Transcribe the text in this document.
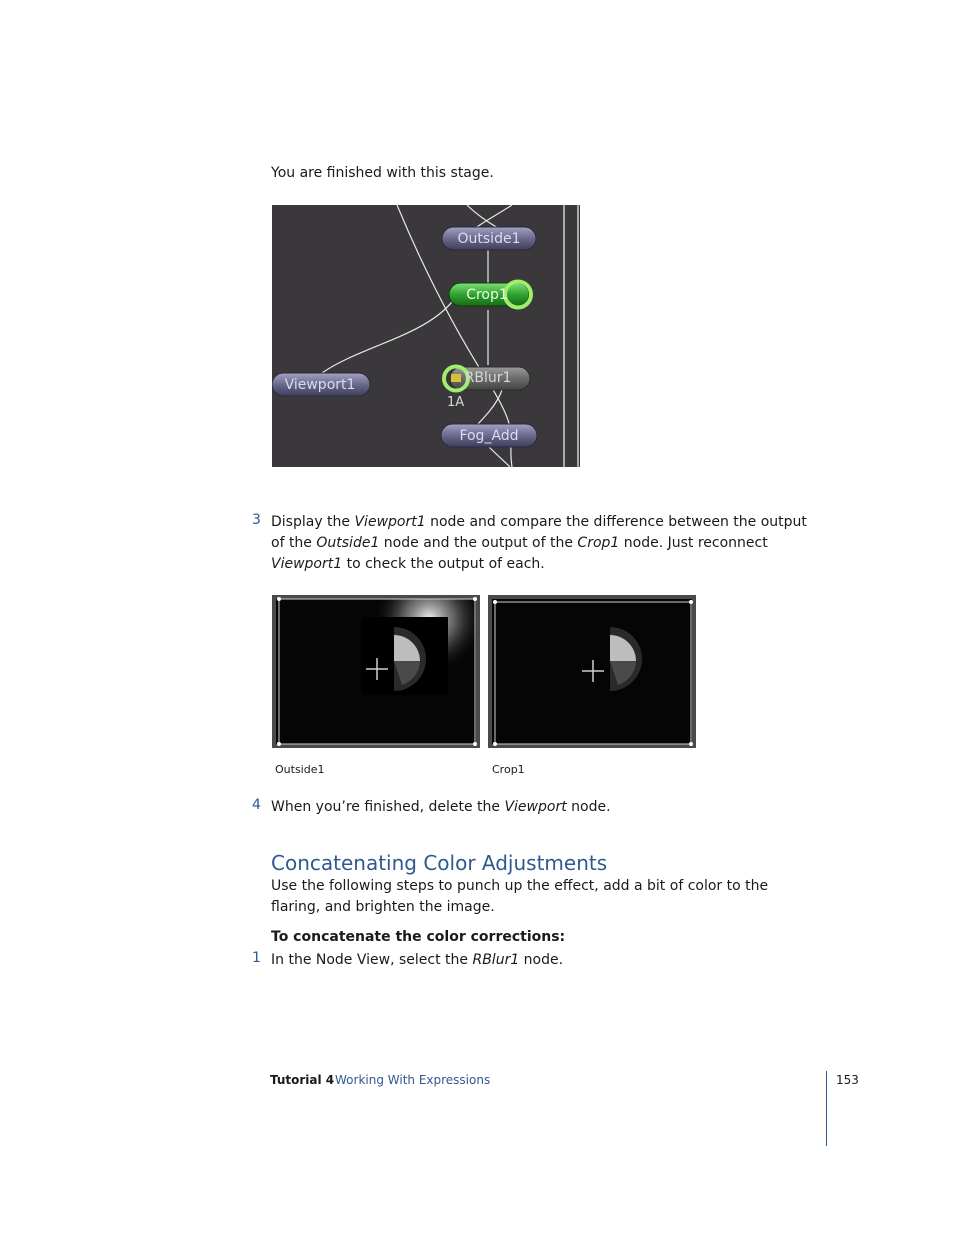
You are finished with this stage.
Outside1
Crop1
RBlur1
1A
Viewport1
Fog_Add
3 Display the Viewport1 node and compare the difference between the output of the Outside1 node and the output of the Crop1 node. Just reconnect Viewport1 to check the output of each.
Outside1	Crop1
4 When you’re finished, delete the Viewport node.
Concatenating Color Adjustments
Use the following steps to punch up the effect, add a bit of color to the flaring, and brighten the image.
To concatenate the color corrections:
1 In the Node View, select the RBlur1 node.
Tutorial 4 Working With Expressions	153
